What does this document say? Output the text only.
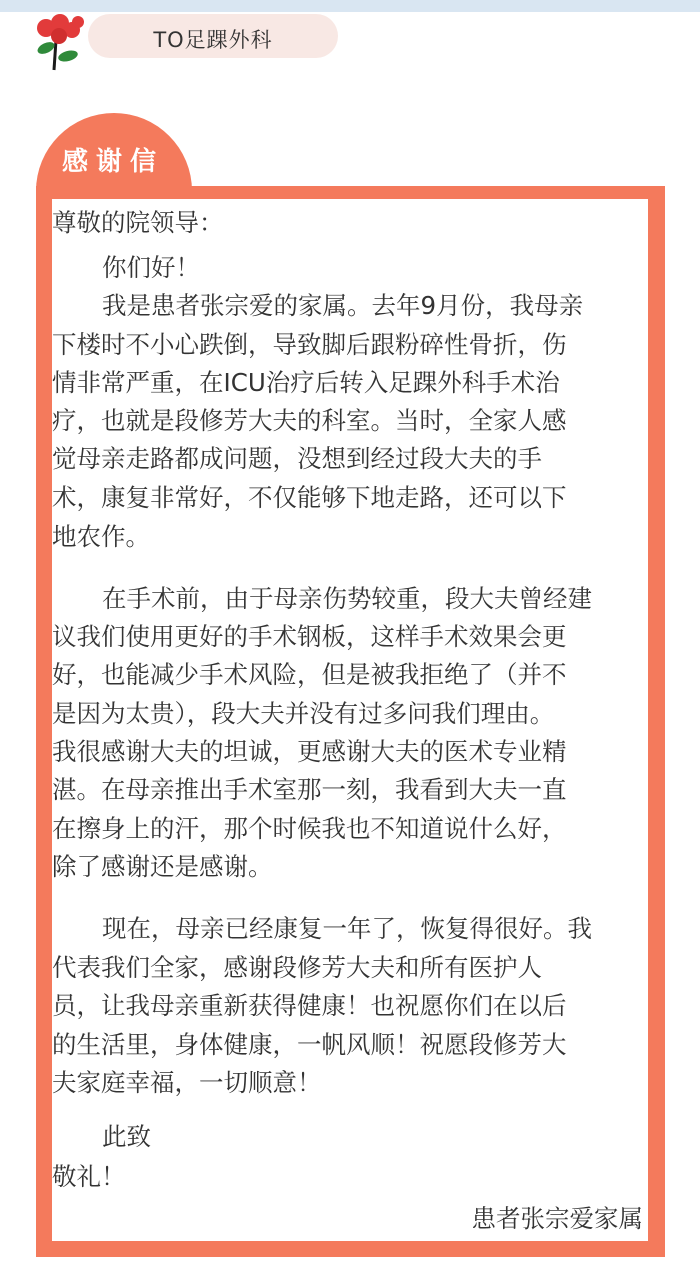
TO足踝外科
感谢信
尊敬的院领导：
你们好！
我是患者张宗爱的家属。去年9月份，我母亲
下楼时不小心跌倒，导致脚后跟粉碎性骨折，伤
情非常严重，在ICU治疗后转入足踝外科手术治
疗，也就是段修芳大夫的科室。当时，全家人感
觉母亲走路都成问题，没想到经过段大夫的手
术，康复非常好，不仅能够下地走路，还可以下
地农作。
在手术前，由于母亲伤势较重，段大夫曾经建
议我们使用更好的手术钢板，这样手术效果会更
好，也能减少手术风险，但是被我拒绝了（并不
是因为太贵），段大夫并没有过多问我们理由。
我很感谢大夫的坦诚，更感谢大夫的医术专业精
湛。在母亲推出手术室那一刻，我看到大夫一直
在擦身上的汗，那个时候我也不知道说什么好，
除了感谢还是感谢。
现在，母亲已经康复一年了，恢复得很好。我
代表我们全家，感谢段修芳大夫和所有医护人
员，让我母亲重新获得健康！也祝愿你们在以后
的生活里，身体健康，一帆风顺！祝愿段修芳大
夫家庭幸福，一切顺意！
此致
敬礼！
患者张宗爱家属
